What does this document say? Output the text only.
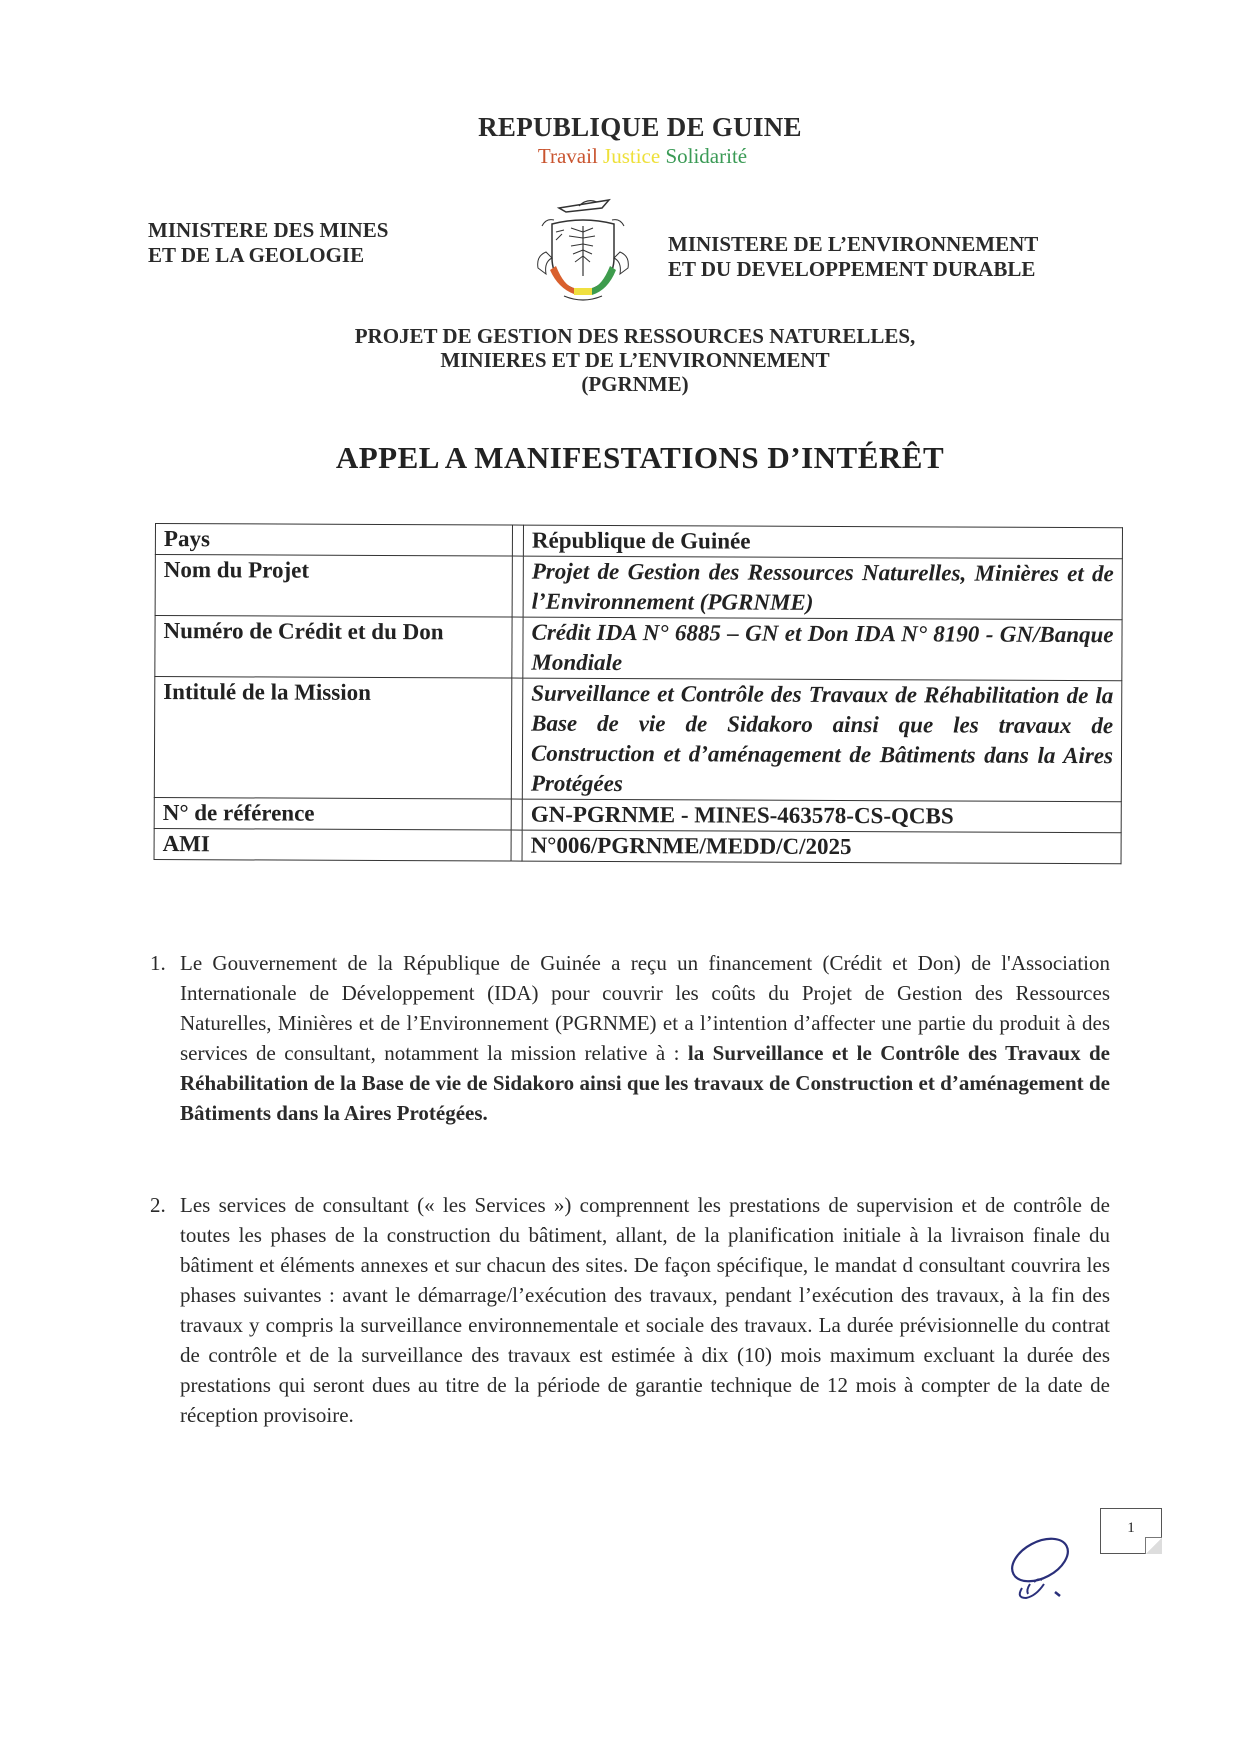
REPUBLIQUE DE GUINE
Travail Justice Solidarité
MINISTERE DES MINES
ET DE LA GEOLOGIE	MINISTERE DE L’ENVIRONNEMENT
ET DU DEVELOPPEMENT DURABLE
PROJET DE GESTION DES RESSOURCES NATURELLES,
MINIERES ET DE L’ENVIRONNEMENT
(PGRNME)
APPEL A MANIFESTATIONS D’INTÉRÊT
Pays		République de Guinée
Nom du Projet		Projet de Gestion des Ressources Naturelles, Minières et de l’Environnement (PGRNME)
Numéro de Crédit et du Don		Crédit IDA N° 6885 – GN et Don IDA N° 8190 - GN/Banque Mondiale
Intitulé de la Mission		Surveillance et Contrôle des Travaux de Réhabilitation de la Base de vie de Sidakoro ainsi que les travaux de Construction et d’aménagement de Bâtiments dans la Aires Protégées
N° de référence		GN-PGRNME - MINES-463578-CS-QCBS
AMI		N°006/PGRNME/MEDD/C/2025
1. Le Gouvernement de la République de Guinée a reçu un financement (Crédit et Don) de l'Association Internationale de Développement (IDA) pour couvrir les coûts du Projet de Gestion des Ressources Naturelles, Minières et de l’Environnement (PGRNME) et a l’intention d’affecter une partie du produit à des services de consultant, notamment la mission relative à : la Surveillance et le Contrôle des Travaux de Réhabilitation de la Base de vie de Sidakoro ainsi que les travaux de Construction et d’aménagement de Bâtiments dans la Aires Protégées.
2. Les services de consultant (« les Services ») comprennent les prestations de supervision et de contrôle de toutes les phases de la construction du bâtiment, allant, de la planification initiale à la livraison finale du bâtiment et éléments annexes et sur chacun des sites. De façon spécifique, le mandat d consultant couvrira les phases suivantes : avant le démarrage/l’exécution des travaux, pendant l’exécution des travaux, à la fin des travaux y compris la surveillance environnementale et sociale des travaux. La durée prévisionnelle du contrat de contrôle et de la surveillance des travaux est estimée à dix (10) mois maximum excluant la durée des prestations qui seront dues au titre de la période de garantie technique de 12 mois à compter de la date de réception provisoire.
1
